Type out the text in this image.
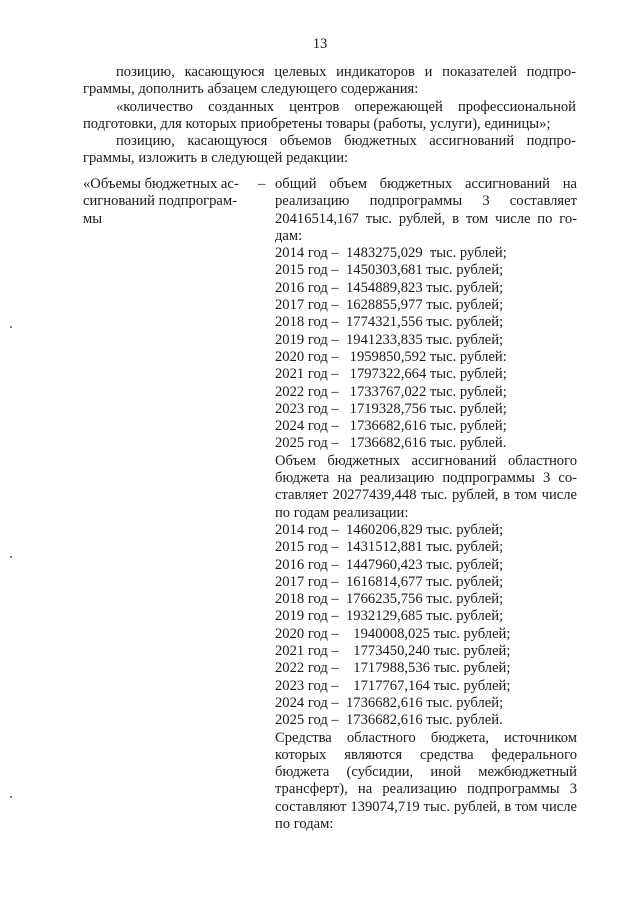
13
позицию, касающуюся целевых индикаторов и показателей подпро-граммы, дополнить абзацем следующего содержания:
«количество созданных центров опережающей профессиональной подготовки, для которых приобретены товары (работы, услуги), единицы»;
позицию, касающуюся объемов бюджетных ассигнований подпро-граммы, изложить в следующей редакции:
«Объемы бюджетных ас-сигнований подпрограм-мы
– общий объем бюджетных ассигнований на реализацию подпрограммы 3 составляет 20416514,167 тыс. рублей, в том числе по го-дам:

2014 год –  1483275,029  тыс. рублей;
2015 год –  1450303,681 тыс. рублей;
2016 год –  1454889,823 тыс. рублей;
2017 год –  1628855,977 тыс. рублей;
2018 год –  1774321,556 тыс. рублей;
2019 год –  1941233,835 тыс. рублей;
2020 год –   1959850,592 тыс. рублей:
2021 год –   1797322,664 тыс. рублей;
2022 год –   1733767,022 тыс. рублей;
2023 год –   1719328,756 тыс. рублей;
2024 год –   1736682,616 тыс. рублей;
2025 год –   1736682,616 тыс. рублей.

Объем бюджетных ассигнований областного бюджета на реализацию подпрограммы 3 со-ставляет 20277439,448 тыс. рублей, в том числе по годам реализации:

2014 год –  1460206,829 тыс. рублей;
2015 год –  1431512,881 тыс. рублей;
2016 год –  1447960,423 тыс. рублей;
2017 год –  1616814,677 тыс. рублей;
2018 год –  1766235,756 тыс. рублей;
2019 год –  1932129,685 тыс. рублей;
2020 год –    1940008,025 тыс. рублей;
2021 год –    1773450,240 тыс. рублей;
2022 год –    1717988,536 тыс. рублей;
2023 год –    1717767,164 тыс. рублей;
2024 год –  1736682,616 тыс. рублей;
2025 год –  1736682,616 тыс. рублей.

Средства областного бюджета, источником которых являются средства федерального бюджета (субсидии, иной межбюджетный трансферт), на реализацию подпрограммы 3 составляют 139074,719 тыс. рублей, в том числе по годам:
